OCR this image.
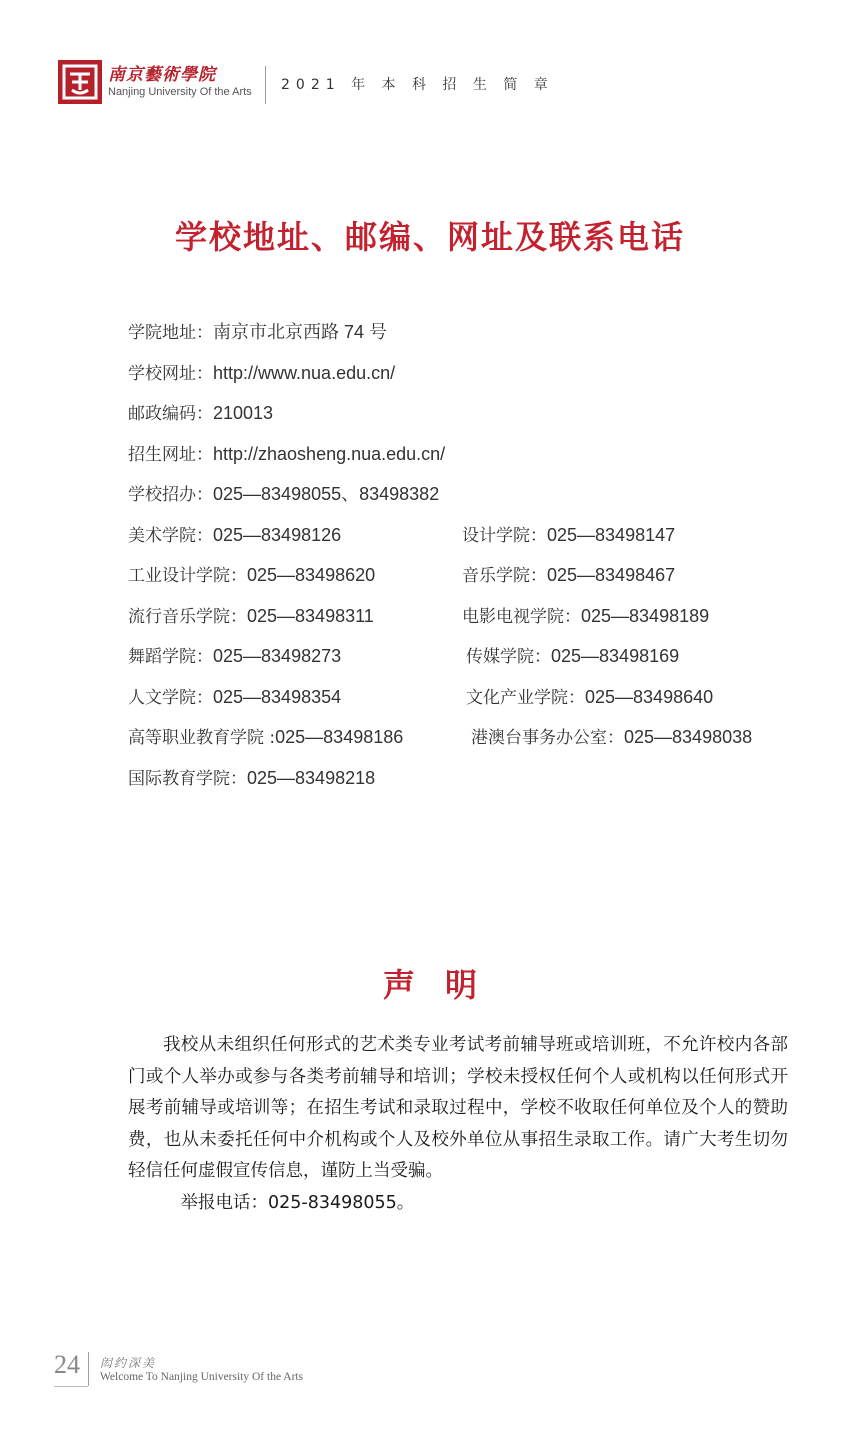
南京藝術學院
Nanjing University Of the Arts 2021 年 本 科 招 生 简 章
学校地址、邮编、网址及联系电话
学院地址：南京市北京西路 74 号
学校网址：http://www.nua.edu.cn/
邮政编码：210013
招生网址：http://zhaosheng.nua.edu.cn/
学校招办：025—83498055、83498382
美术学院：025—83498126	设计学院：025—83498147
工业设计学院：025—83498620	音乐学院：025—83498467
流行音乐学院：025—83498311	电影电视学院：025—83498189
舞蹈学院：025—83498273	传媒学院：025—83498169
人文学院：025—83498354	文化产业学院：025—83498640
高等职业教育学院 :025—83498186	港澳台事务办公室：025—83498038
国际教育学院：025—83498218
声明

我校从未组织任何形式的艺术类专业考试考前辅导班或培训班，不允许校内各部门或个人举办或参与各类考前辅导和培训；学校未授权任何个人或机构以任何形式开展考前辅导或培训等；在招生考试和录取过程中，学校不收取任何单位及个人的赞助费，也从未委托任何中介机构或个人及校外单位从事招生录取工作。请广大考生切勿轻信任何虚假宣传信息，谨防上当受骗。

举报电话：025-83498055。

24 闳约深美
Welcome To Nanjing University Of the Arts
